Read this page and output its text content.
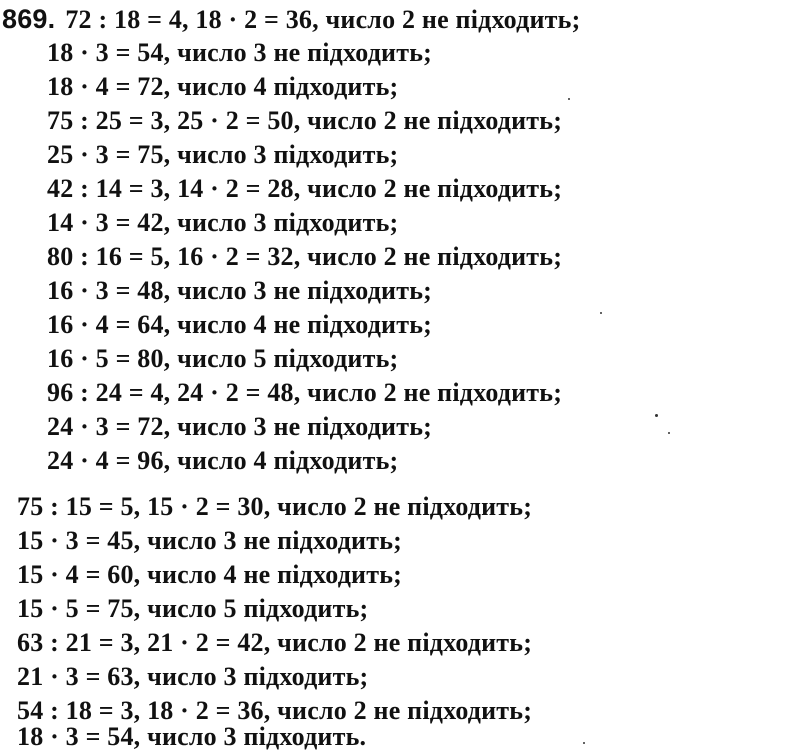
869. 72 : 18 = 4, 18 · 2 = 36, число 2 не підходить;
18 · 3 = 54, число 3 не підходить;
18 · 4 = 72, число 4 підходить;
75 : 25 = 3, 25 · 2 = 50, число 2 не підходить;
25 · 3 = 75, число 3 підходить;
42 : 14 = 3, 14 · 2 = 28, число 2 не підходить;
14 · 3 = 42, число 3 підходить;
80 : 16 = 5, 16 · 2 = 32, число 2 не підходить;
16 · 3 = 48, число 3 не підходить;
16 · 4 = 64, число 4 не підходить;
16 · 5 = 80, число 5 підходить;
96 : 24 = 4, 24 · 2 = 48, число 2 не підходить;
24 · 3 = 72, число 3 не підходить;
24 · 4 = 96, число 4 підходить;
75 : 15 = 5, 15 · 2 = 30, число 2 не підходить;
15 · 3 = 45, число 3 не підходить;
15 · 4 = 60, число 4 не підходить;
15 · 5 = 75, число 5 підходить;
63 : 21 = 3, 21 · 2 = 42, число 2 не підходить;
21 · 3 = 63, число 3 підходить;
54 : 18 = 3, 18 · 2 = 36, число 2 не підходить;
18 · 3 = 54, число 3 підходить.
